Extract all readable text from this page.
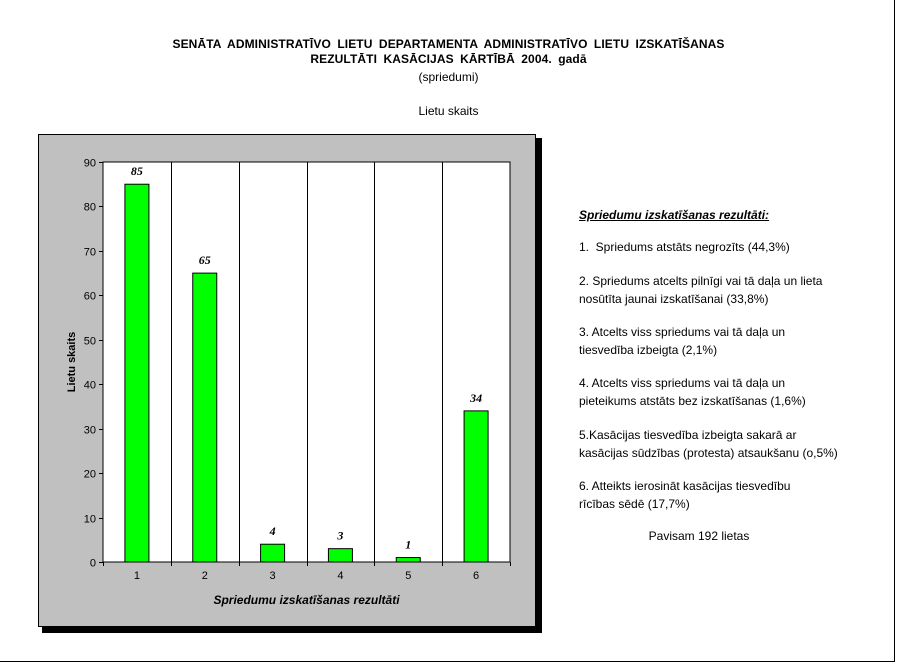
SENĀTA ADMINISTRATĪVO LIETU DEPARTAMENTA ADMINISTRATĪVO LIETU IZSKATĪŠANAS
REZULTĀTI KASĀCIJAS KĀRTĪBĀ 2004. gadā
(spriedumi)
Lietu skaits
0
10
20
30
40
50
60
70
80
90
85
1
65
2
4
3
3
4
1
5
34
6
Spriedumu izskatīšanas rezultāti
Lietu skaits
Spriedumu izskatīšanas rezultāti:
1.  Spriedums atstāts negrozīts (44,3%)
2. Spriedums atcelts pilnīgi vai tā daļa un lieta
nosūtīta jaunai izskatīšanai (33,8%)
3. Atcelts viss spriedums vai tā daļa un
tiesvedība izbeigta (2,1%)
4. Atcelts viss spriedums vai tā daļa un
pieteikums atstāts bez izskatīšanas (1,6%)
5.Kasācijas tiesvedība izbeigta sakarā ar
kasācijas sūdzības (protesta) atsaukšanu (o,5%)
6. Atteikts ierosināt kasācijas tiesvedību
rīcības sēdē (17,7%)
Pavisam 192 lietas
